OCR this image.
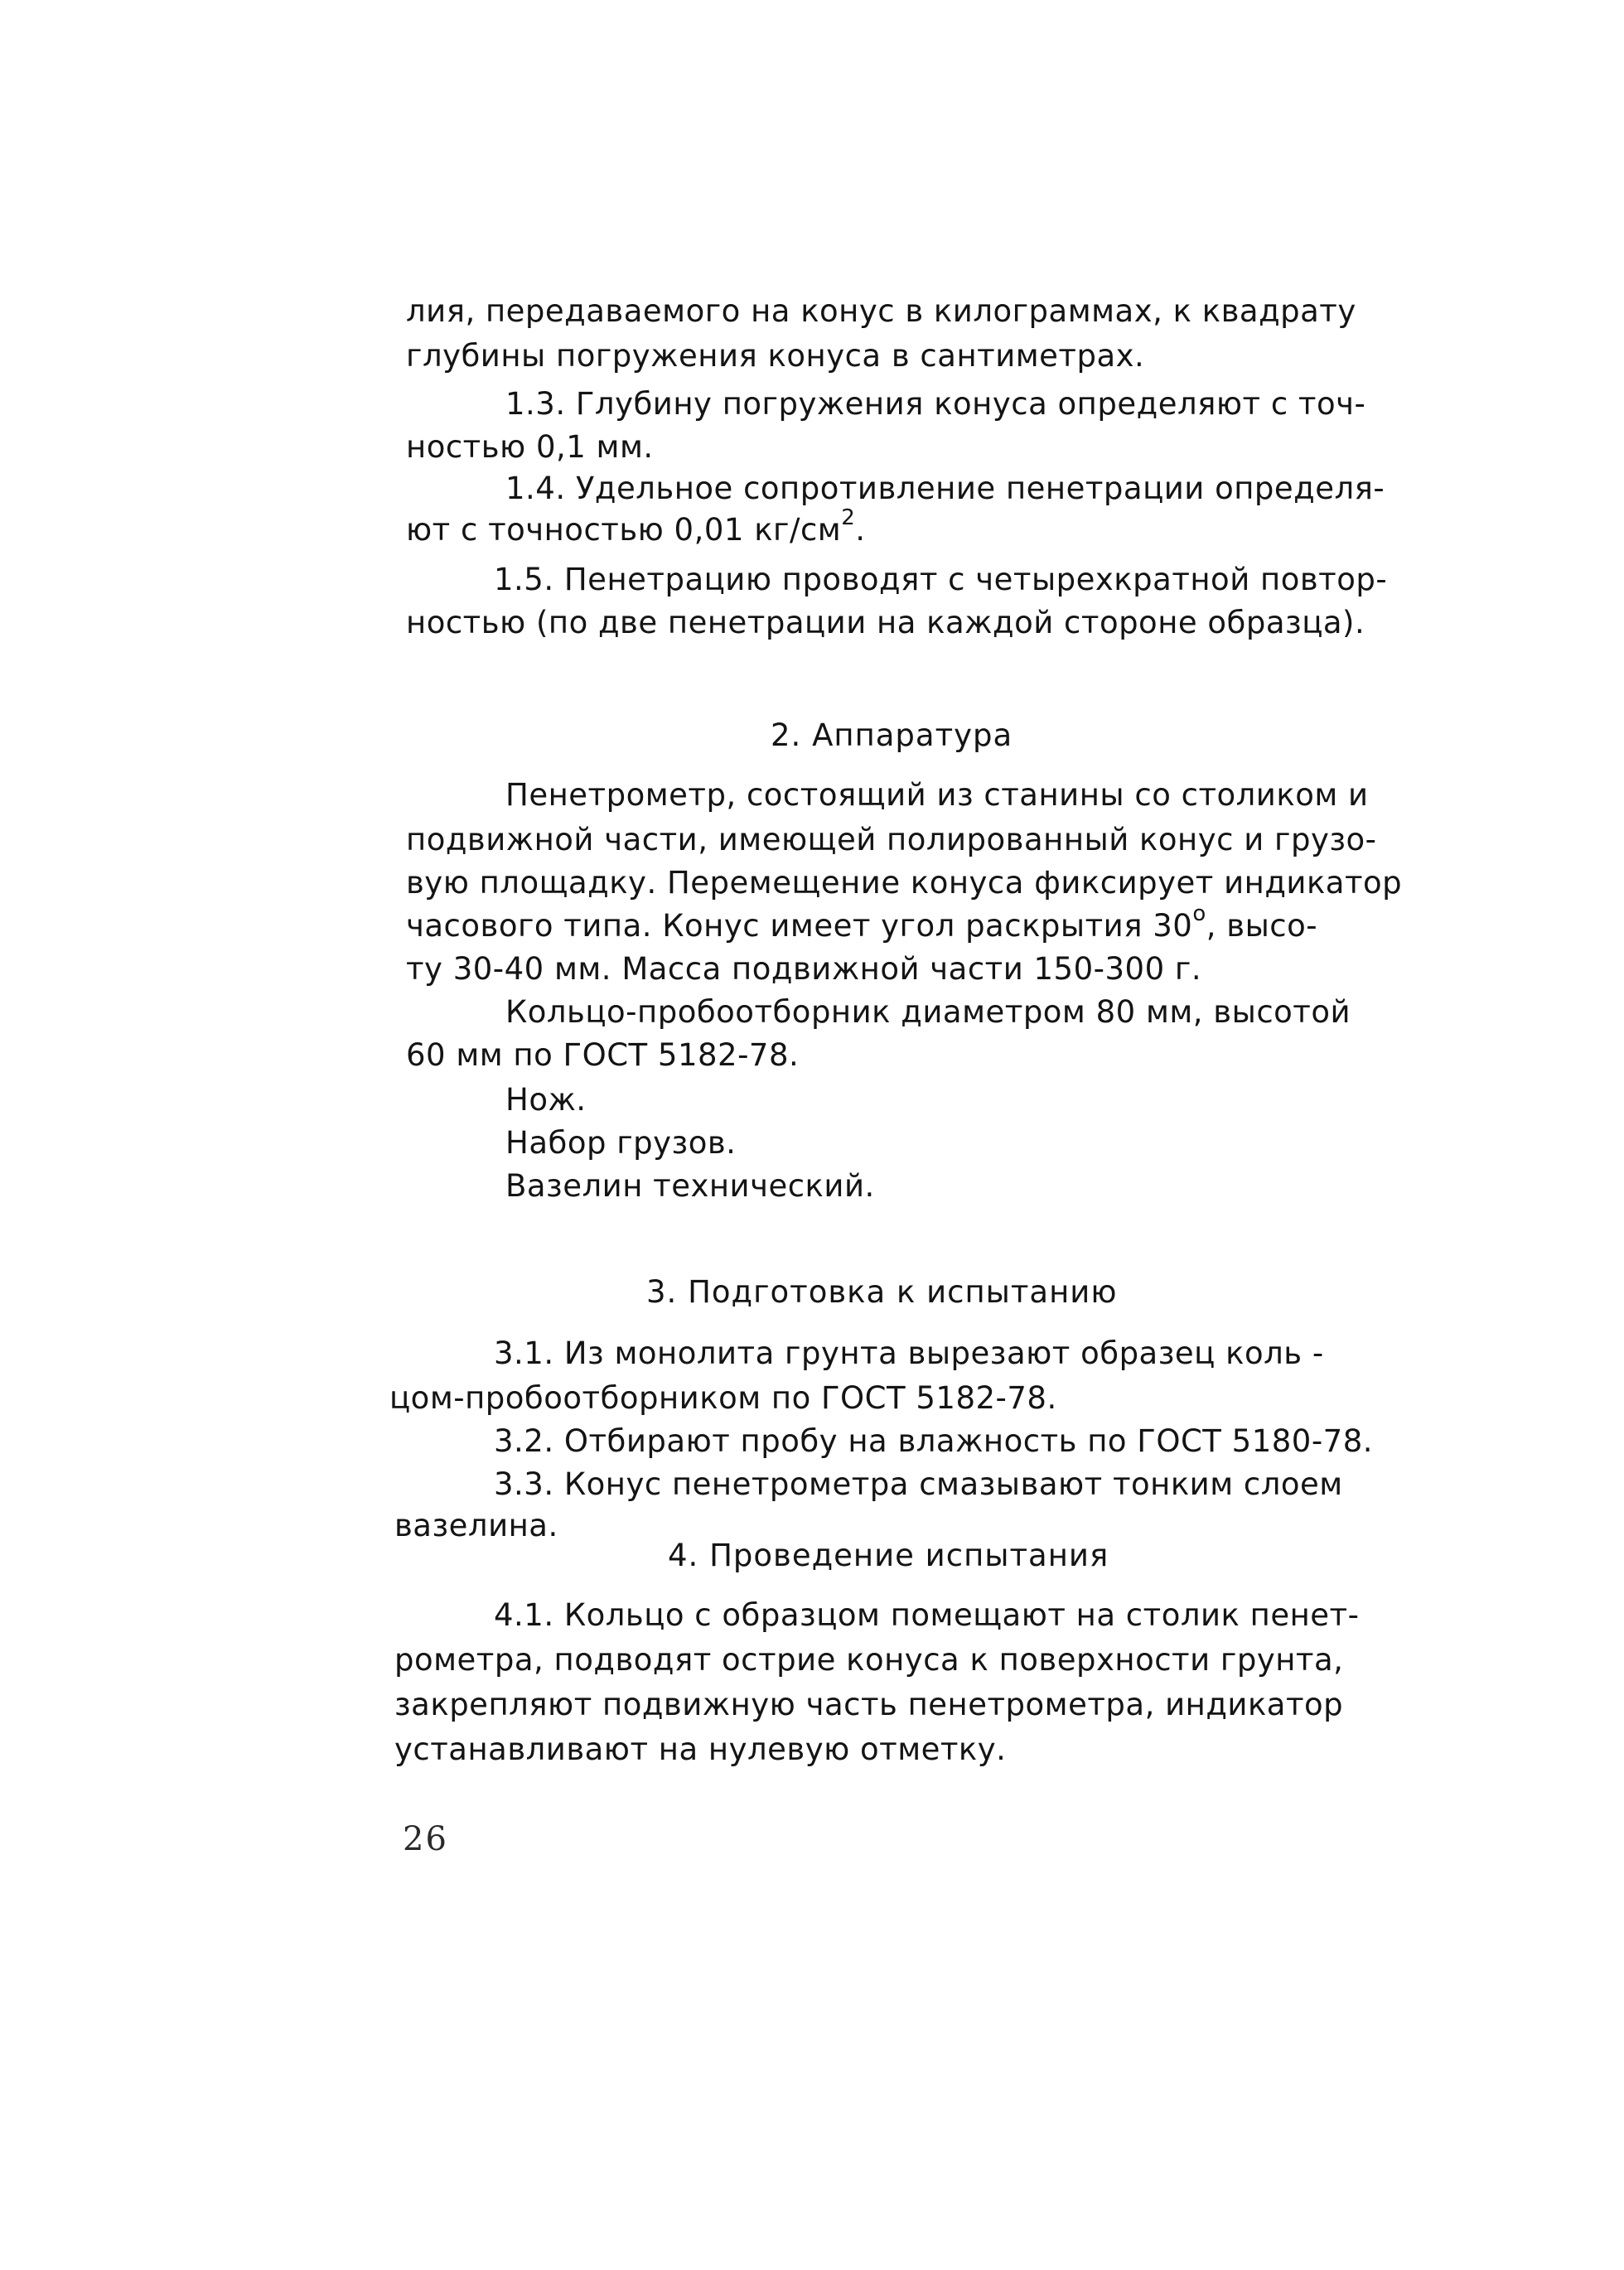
лия, передаваемого на конус в килограммах, к квадрату
глубины погружения конуса в сантиметрах.
1.3. Глубину погружения конуса определяют с точ-
ностью 0,1 мм.
1.4. Удельное сопротивление пенетрации определя-
ют с точностью 0,01 $кг/см^2$.
1.5. Пенетрацию проводят с четырехкратной повтор-
ностью (по две пенетрации на каждой стороне образца).
2. Аппаратура
Пенетрометр, состоящий из станины со столиком и
подвижной части, имеющей полированный конус и грузо-
вую площадку. Перемещение конуса фиксирует индикатор
часового типа. Конус имеет угол раскрытия $30^о$, высо-
ту 30-40 мм. Масса подвижной части 150-300 г.
Кольцо-пробоотборник диаметром 80 мм, высотой
60 мм по ГОСТ 5182-78.
Нож.
Набор грузов.
Вазелин технический.
3. Подготовка к испытанию
3.1. Из монолита грунта вырезают образец коль -
цом-пробоотборником по ГОСТ 5182-78.
3.2. Отбирают пробу на влажность по ГОСТ 5180-78.
3.3. Конус пенетрометра смазывают тонким слоем
вазелина.
4. Проведение испытания
4.1. Кольцо с образцом помещают на столик пенет-
рометра, подводят острие конуса к поверхности грунта,
закрепляют подвижную часть пенетрометра, индикатор
устанавливают на нулевую отметку.
26
